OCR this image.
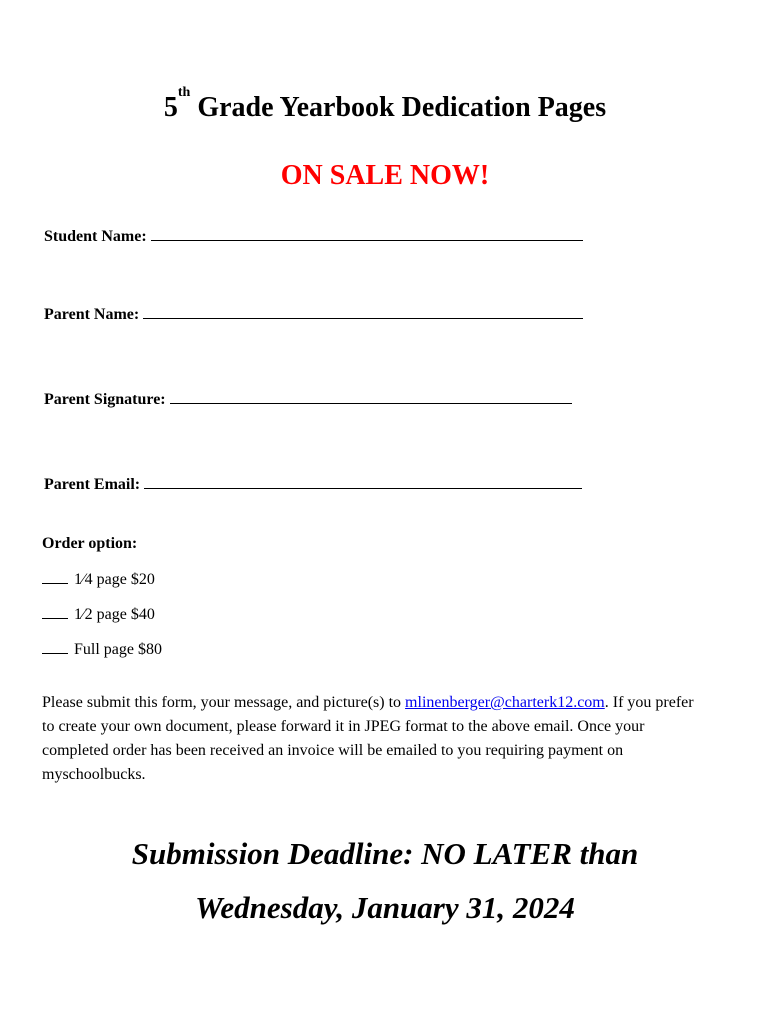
5th Grade Yearbook Dedication Pages
ON SALE NOW!
Student Name:
Parent Name:
Parent Signature:
Parent Email:
Order option:
1⁄4 page $20
1⁄2 page $40
Full page $80
Please submit this form, your message, and picture(s) to mlinenberger@charterk12.com. If you prefer to create your own document, please forward it in JPEG format to the above email. Once your completed order has been received an invoice will be emailed to you requiring payment on myschoolbucks.
Submission Deadline: NO LATER than
Wednesday, January 31, 2024
